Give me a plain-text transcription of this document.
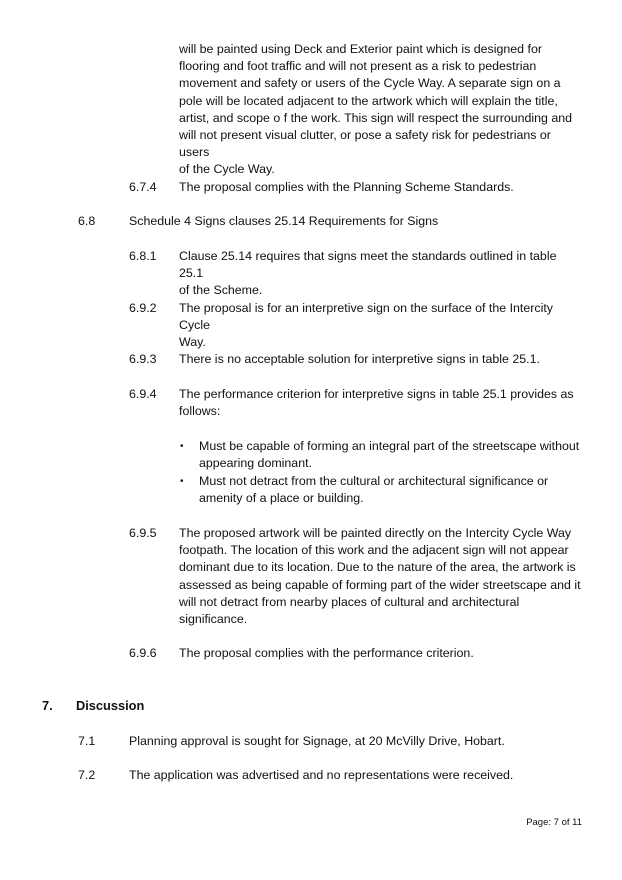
will be painted using Deck and Exterior paint which is designed for
flooring and foot traffic and will not present as a risk to pedestrian
movement and safety or users of the Cycle Way. A separate sign on a
pole will be located adjacent to the artwork which will explain the title,
artist, and scope o f the work. This sign will respect the surrounding and
will not present visual clutter, or pose a safety risk for pedestrians or users
of the Cycle Way.
6.7.4 The proposal complies with the Planning Scheme Standards.
6.8	Schedule 4 Signs clauses 25.14 Requirements for Signs
6.8.1 Clause 25.14 requires that signs meet the standards outlined in table 25.1
of the Scheme.
6.9.2 The proposal is for an interpretive sign on the surface of the Intercity Cycle
Way.
6.9.3 There is no acceptable solution for interpretive signs in table 25.1.
6.9.4 The performance criterion for interpretive signs in table 25.1 provides as
follows:
• Must be capable of forming an integral part of the streetscape without
appearing dominant.
• Must not detract from the cultural or architectural significance or
amenity of a place or building.
6.9.5 The proposed artwork will be painted directly on the Intercity Cycle Way
footpath. The location of this work and the adjacent sign will not appear
dominant due to its location. Due to the nature of the area, the artwork is
assessed as being capable of forming part of the wider streetscape and it
will not detract from nearby places of cultural and architectural
significance.
6.9.6 The proposal complies with the performance criterion.
7. Discussion
7.1	Planning approval is sought for Signage, at 20 McVilly Drive, Hobart.
7.2	The application was advertised and no representations were received.
Page: 7 of 11
